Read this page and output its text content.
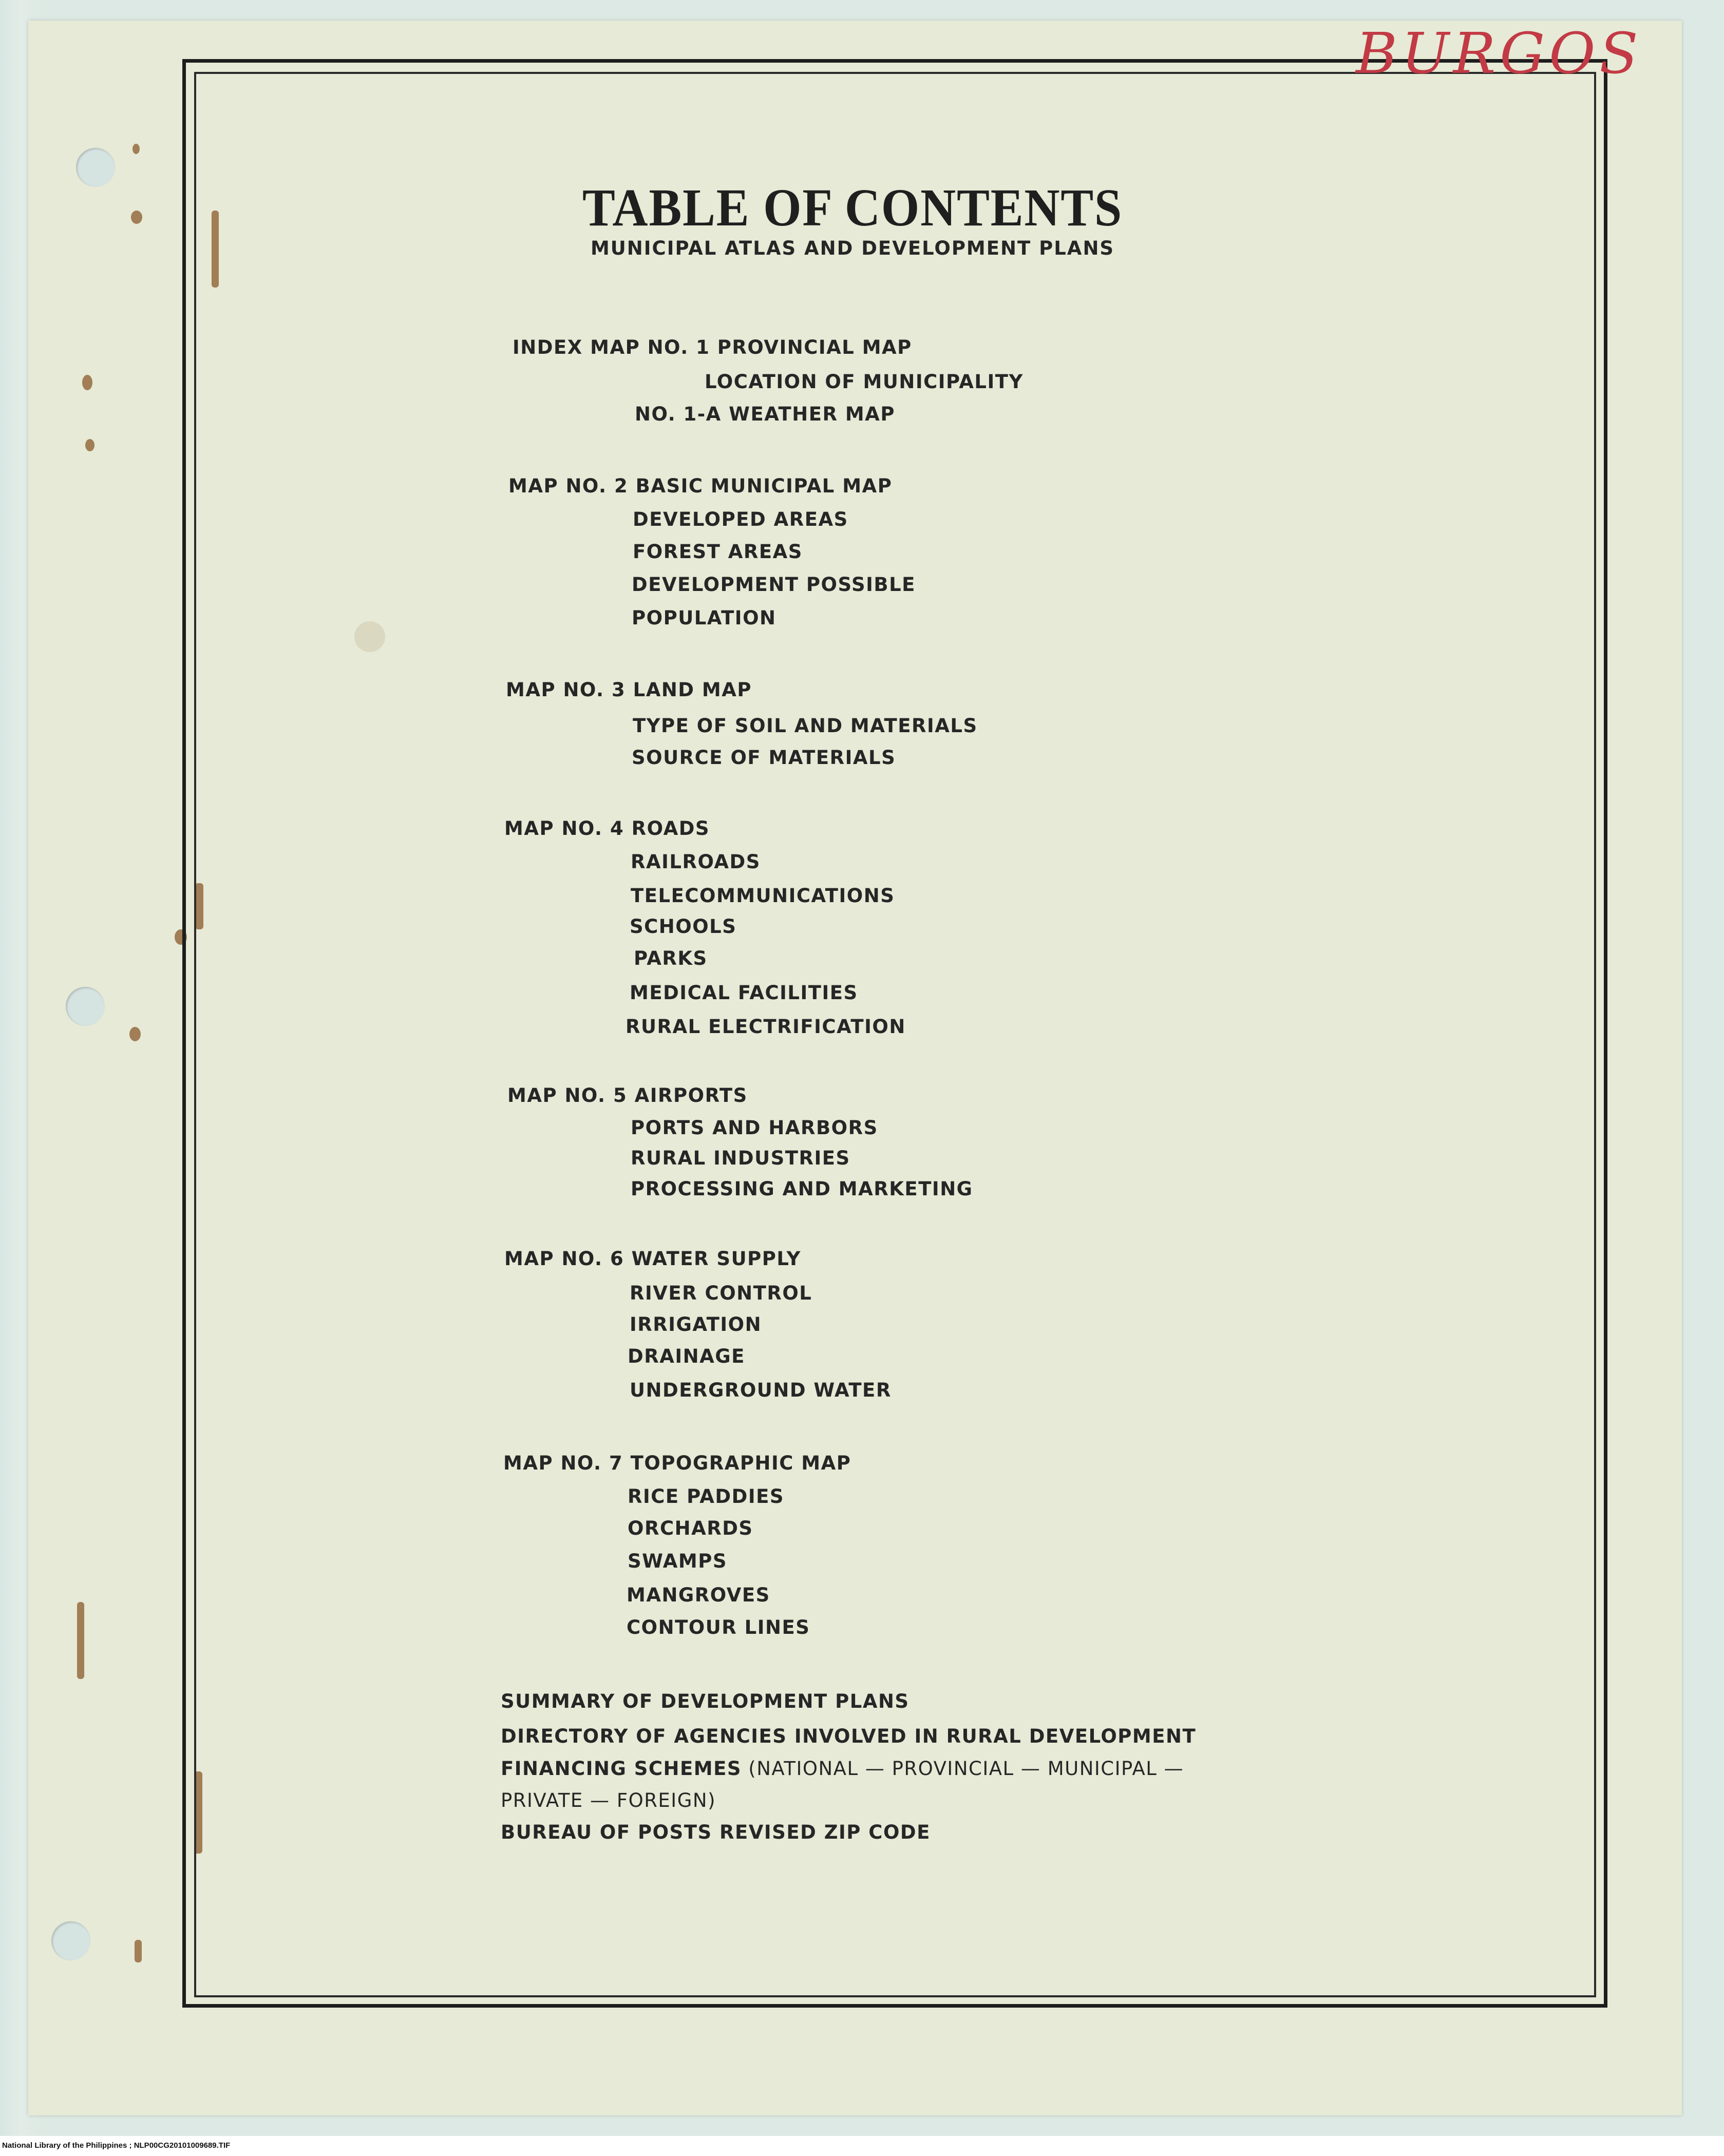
BURGOS
TABLE OF CONTENTS
MUNICIPAL ATLAS AND DEVELOPMENT PLANS
INDEX MAP NO. 1 PROVINCIAL MAP
LOCATION OF MUNICIPALITY
NO. 1-A WEATHER MAP
MAP NO. 2 BASIC MUNICIPAL MAP
DEVELOPED AREAS
FOREST AREAS
DEVELOPMENT POSSIBLE
POPULATION
MAP NO. 3 LAND MAP
TYPE OF SOIL AND MATERIALS
SOURCE OF MATERIALS
MAP NO. 4 ROADS
RAILROADS
TELECOMMUNICATIONS
SCHOOLS
PARKS
MEDICAL FACILITIES
RURAL ELECTRIFICATION
MAP NO. 5 AIRPORTS
PORTS AND HARBORS
RURAL INDUSTRIES
PROCESSING AND MARKETING
MAP NO. 6 WATER SUPPLY
RIVER CONTROL
IRRIGATION
DRAINAGE
UNDERGROUND WATER
MAP NO. 7 TOPOGRAPHIC MAP
RICE PADDIES
ORCHARDS
SWAMPS
MANGROVES
CONTOUR LINES
SUMMARY OF DEVELOPMENT PLANS
DIRECTORY OF AGENCIES INVOLVED IN RURAL DEVELOPMENT
FINANCING SCHEMES (NATIONAL — PROVINCIAL — MUNICIPAL —
PRIVATE — FOREIGN)
BUREAU OF POSTS REVISED ZIP CODE
National Library of the Philippines ; NLP00CG20101009689.TIF
